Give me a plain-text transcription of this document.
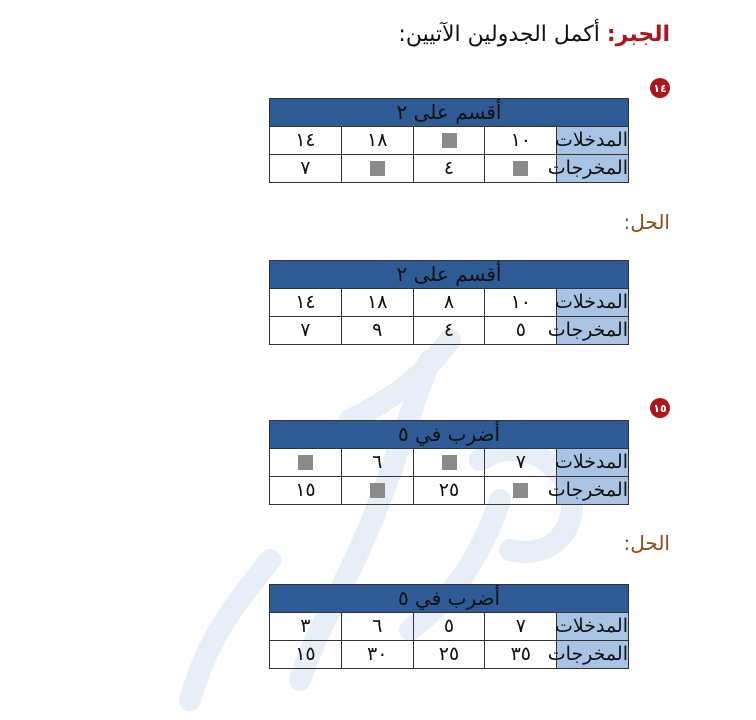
الجبر: أكمل الجدولين الآتيين:
١٤
أقسم على ٢				
المدخلات	١٠		١٨	١٤
المخرجات		٤		٧
الحل:
أقسم على ٢				
المدخلات	١٠	٨	١٨	١٤
المخرجات	٥	٤	٩	٧
١٥
أضرب في ٥				
المدخلات	٧		٦	
المخرجات		٢٥		١٥
الحل:
أضرب في ٥				
المدخلات	٧	٥	٦	٣
المخرجات	٣٥	٢٥	٣٠	١٥
